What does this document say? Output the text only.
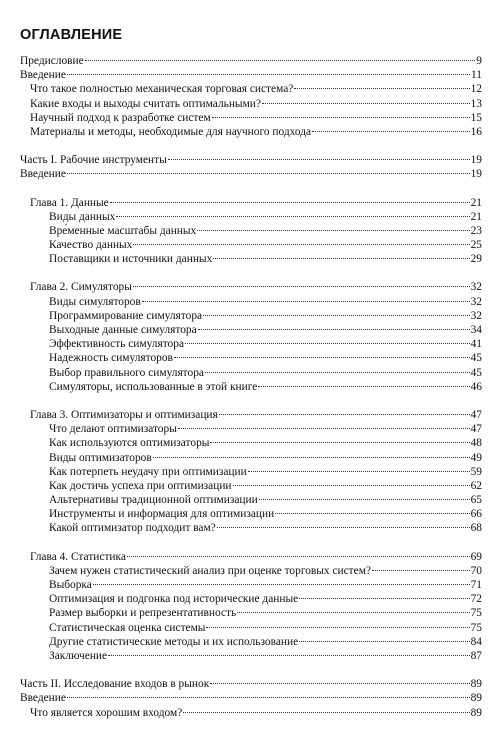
ОГЛАВЛЕНИЕ
Предисловие	9
Введение	11
Что такое полностью механическая торговая система?	12
Какие входы и выходы считать оптимальными?	13
Научный подход к разработке систем	15
Материалы и методы, необходимые для научного подхода	16
Часть I. Рабочие инструменты	19
Введение	19
Глава 1. Данные	21
Виды данных	21
Вре́менные масштабы данных	23
Качество данных	25
Поставщики и источники данных	29
Глава 2. Симуляторы	32
Виды симуляторов	32
Программирование симулятора	32
Выходные данные симулятора	34
Эффективность симулятора	41
Надежность симуляторов	45
Выбор правильного симулятора	45
Симуляторы, использованные в этой книге	46
Глава 3. Оптимизаторы и оптимизация	47
Что делают оптимизаторы	47
Как используются оптимизаторы	48
Виды оптимизаторов	49
Как потерпеть неудачу при оптимизации	59
Как достичь успеха при оптимизации	62
Альтернативы традиционной оптимизации	65
Инструменты и информация для оптимизации	66
Какой оптимизатор подходит вам?	68
Глава 4. Статистика	69
Зачем нужен статистический анализ при оценке торговых систем?	70
Выборка	71
Оптимизация и подгонка под исторические данные	72
Размер выборки и репрезентативность	75
Статистическая оценка системы	75
Другие статистические методы и их использование	84
Заключение	87
Часть II. Исследование входов в рынок	89
Введение	89
Что является хорошим входом?	89
